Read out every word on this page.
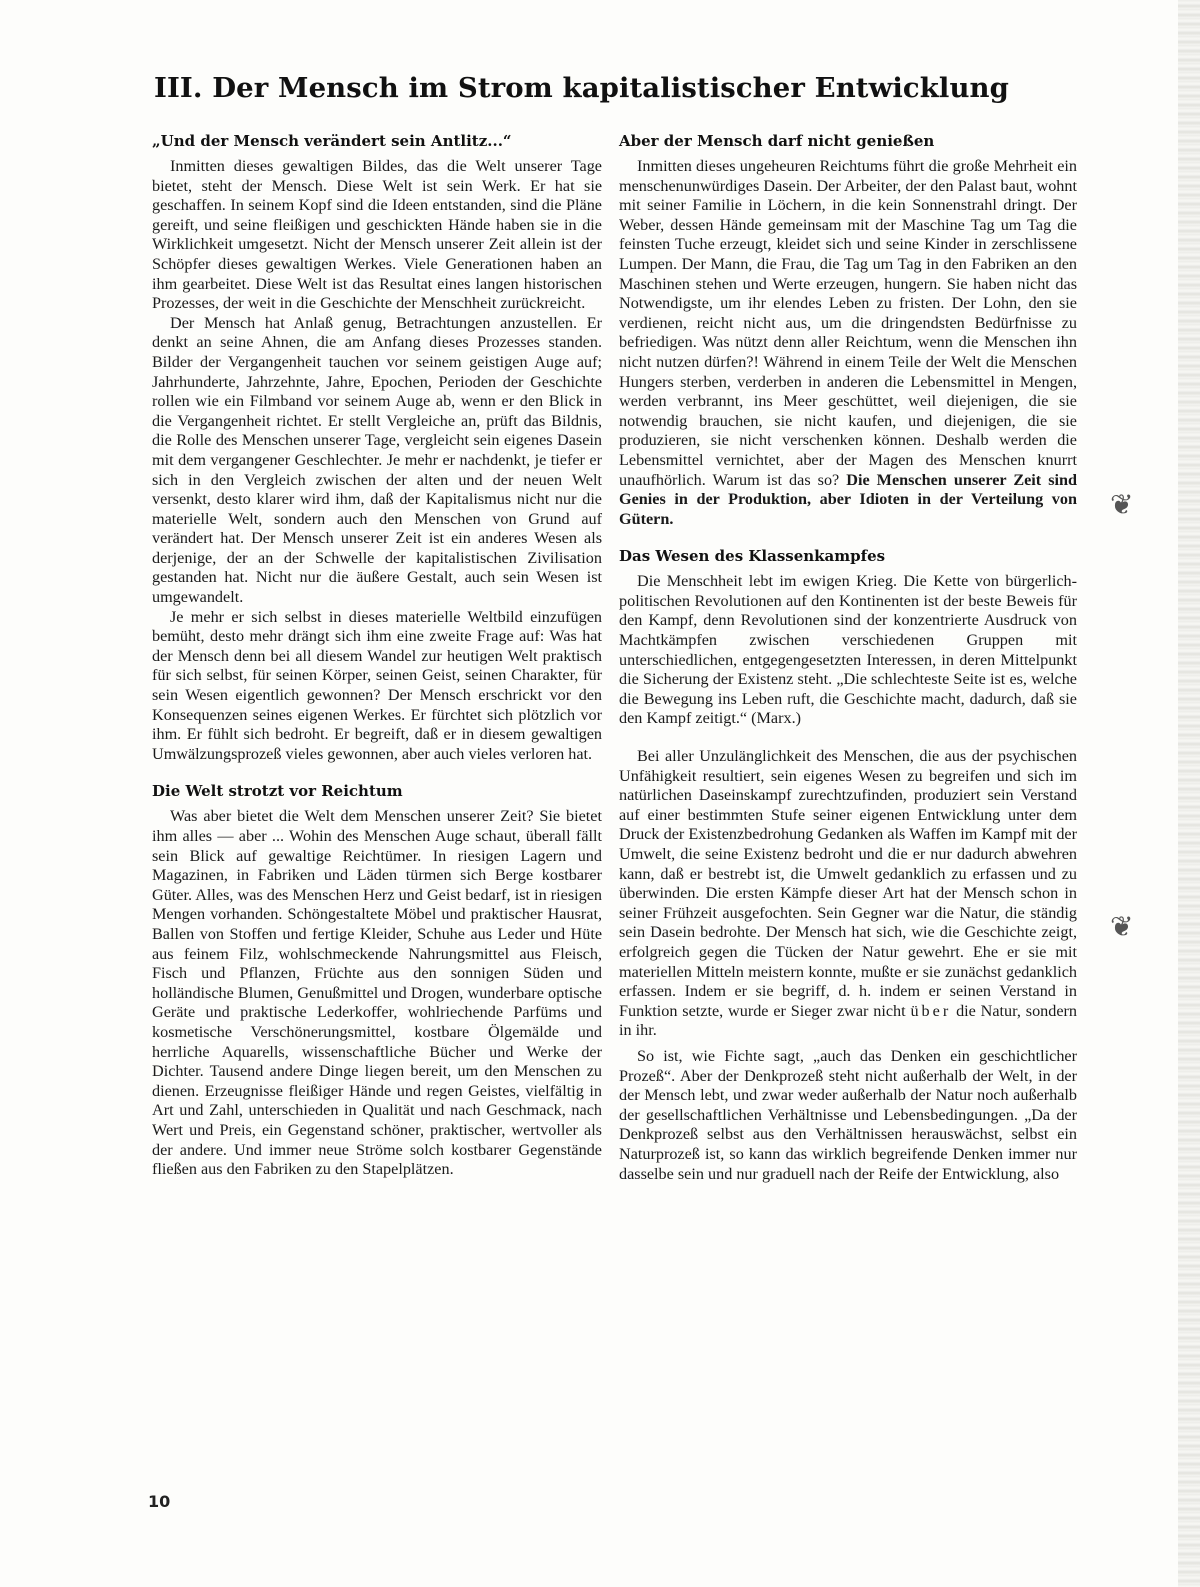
III. Der Mensch im Strom kapitalistischer Entwicklung
„Und der Mensch verändert sein Antlitz...“

Inmitten dieses gewaltigen Bildes, das die Welt unserer Tage bietet, steht der Mensch. Diese Welt ist sein Werk. Er hat sie geschaffen. In seinem Kopf sind die Ideen entstanden, sind die Pläne gereift, und seine fleißigen und geschickten Hände haben sie in die Wirklichkeit umgesetzt. Nicht der Mensch unserer Zeit allein ist der Schöpfer dieses gewaltigen Werkes. Viele Generationen haben an ihm gearbeitet. Diese Welt ist das Resultat eines langen historischen Prozesses, der weit in die Geschichte der Menschheit zurückreicht.

Der Mensch hat Anlaß genug, Betrachtungen anzustellen. Er denkt an seine Ahnen, die am Anfang dieses Prozesses standen. Bilder der Vergangenheit tauchen vor seinem geistigen Auge auf; Jahrhunderte, Jahrzehnte, Jahre, Epochen, Perioden der Geschichte rollen wie ein Filmband vor seinem Auge ab, wenn er den Blick in die Vergangenheit richtet. Er stellt Vergleiche an, prüft das Bildnis, die Rolle des Menschen unserer Tage, vergleicht sein eigenes Dasein mit dem vergangener Geschlechter. Je mehr er nachdenkt, je tiefer er sich in den Vergleich zwischen der alten und der neuen Welt versenkt, desto klarer wird ihm, daß der Kapitalismus nicht nur die materielle Welt, sondern auch den Menschen von Grund auf verändert hat. Der Mensch unserer Zeit ist ein anderes Wesen als derjenige, der an der Schwelle der kapitalistischen Zivilisation gestanden hat. Nicht nur die äußere Gestalt, auch sein Wesen ist umgewandelt.

Je mehr er sich selbst in dieses materielle Weltbild einzufügen bemüht, desto mehr drängt sich ihm eine zweite Frage auf: Was hat der Mensch denn bei all diesem Wandel zur heutigen Welt praktisch für sich selbst, für seinen Körper, seinen Geist, seinen Charakter, für sein Wesen eigentlich gewonnen? Der Mensch erschrickt vor den Konsequenzen seines eigenen Werkes. Er fürchtet sich plötzlich vor ihm. Er fühlt sich bedroht. Er begreift, daß er in diesem gewaltigen Umwälzungsprozeß vieles gewonnen, aber auch vieles verloren hat.

Die Welt strotzt vor Reichtum

Was aber bietet die Welt dem Menschen unserer Zeit? Sie bietet ihm alles — aber ... Wohin des Menschen Auge schaut, überall fällt sein Blick auf gewaltige Reichtümer. In riesigen Lagern und Magazinen, in Fabriken und Läden türmen sich Berge kostbarer Güter. Alles, was des Menschen Herz und Geist bedarf, ist in riesigen Mengen vorhanden. Schöngestaltete Möbel und praktischer Hausrat, Ballen von Stoffen und fertige Kleider, Schuhe aus Leder und Hüte aus feinem Filz, wohlschmeckende Nahrungsmittel aus Fleisch, Fisch und Pflanzen, Früchte aus den sonnigen Süden und holländische Blumen, Genußmittel und Drogen, wunderbare optische Geräte und praktische Lederkoffer, wohlriechende Parfüms und kosmetische Verschönerungsmittel, kostbare Ölgemälde und herrliche Aquarells, wissenschaftliche Bücher und Werke der Dichter. Tausend andere Dinge liegen bereit, um den Menschen zu dienen. Erzeugnisse fleißiger Hände und regen Geistes, vielfältig in Art und Zahl, unterschieden in Qualität und nach Geschmack, nach Wert und Preis, ein Gegenstand schöner, praktischer, wertvoller als der andere. Und immer neue Ströme solch kostbarer Gegenstände fließen aus den Fabriken zu den Stapelplätzen.

Aber der Mensch darf nicht genießen

Inmitten dieses ungeheuren Reichtums führt die große Mehrheit ein menschenunwürdiges Dasein. Der Arbeiter, der den Palast baut, wohnt mit seiner Familie in Löchern, in die kein Sonnenstrahl dringt. Der Weber, dessen Hände gemeinsam mit der Maschine Tag um Tag die feinsten Tuche erzeugt, kleidet sich und seine Kinder in zerschlissene Lumpen. Der Mann, die Frau, die Tag um Tag in den Fabriken an den Maschinen stehen und Werte erzeugen, hungern. Sie haben nicht das Notwendigste, um ihr elendes Leben zu fristen. Der Lohn, den sie verdienen, reicht nicht aus, um die dringendsten Bedürfnisse zu befriedigen. Was nützt denn aller Reichtum, wenn die Menschen ihn nicht nutzen dürfen?! Während in einem Teile der Welt die Menschen Hungers sterben, verderben in anderen die Lebensmittel in Mengen, werden verbrannt, ins Meer geschüttet, weil diejenigen, die sie notwendig brauchen, sie nicht kaufen, und diejenigen, die sie produzieren, sie nicht verschenken können. Deshalb werden die Lebensmittel vernichtet, aber der Magen des Menschen knurrt unaufhörlich. Warum ist das so? Die Menschen unserer Zeit sind Genies in der Produktion, aber Idioten in der Verteilung von Gütern.

Das Wesen des Klassenkampfes

Die Menschheit lebt im ewigen Krieg. Die Kette von bürgerlich-politischen Revolutionen auf den Kontinenten ist der beste Beweis für den Kampf, denn Revolutionen sind der konzentrierte Ausdruck von Machtkämpfen zwischen verschiedenen Gruppen mit unterschiedlichen, entgegengesetzten Interessen, in deren Mittelpunkt die Sicherung der Existenz steht. „Die schlechteste Seite ist es, welche die Bewegung ins Leben ruft, die Geschichte macht, dadurch, daß sie den Kampf zeitigt.“ (Marx.)

Bei aller Unzulänglichkeit des Menschen, die aus der psychischen Unfähigkeit resultiert, sein eigenes Wesen zu begreifen und sich im natürlichen Daseinskampf zurechtzufinden, produziert sein Verstand auf einer bestimmten Stufe seiner eigenen Entwicklung unter dem Druck der Existenzbedrohung Gedanken als Waffen im Kampf mit der Umwelt, die seine Existenz bedroht und die er nur dadurch abwehren kann, daß er bestrebt ist, die Umwelt gedanklich zu erfassen und zu überwinden. Die ersten Kämpfe dieser Art hat der Mensch schon in seiner Frühzeit ausgefochten. Sein Gegner war die Natur, die ständig sein Dasein bedrohte. Der Mensch hat sich, wie die Geschichte zeigt, erfolgreich gegen die Tücken der Natur gewehrt. Ehe er sie mit materiellen Mitteln meistern konnte, mußte er sie zunächst gedanklich erfassen. Indem er sie begriff, d. h. indem er seinen Verstand in Funktion setzte, wurde er Sieger zwar nicht über die Natur, sondern in ihr.

So ist, wie Fichte sagt, „auch das Denken ein geschichtlicher Prozeß“. Aber der Denkprozeß steht nicht außerhalb der Welt, in der der Mensch lebt, und zwar weder außerhalb der Natur noch außerhalb der gesellschaftlichen Verhältnisse und Lebensbedingungen. „Da der Denkprozeß selbst aus den Verhältnissen herauswächst, selbst ein Naturprozeß ist, so kann das wirklich begreifende Denken immer nur dasselbe sein und nur graduell nach der Reife der Entwicklung, also

10
❦
❦
